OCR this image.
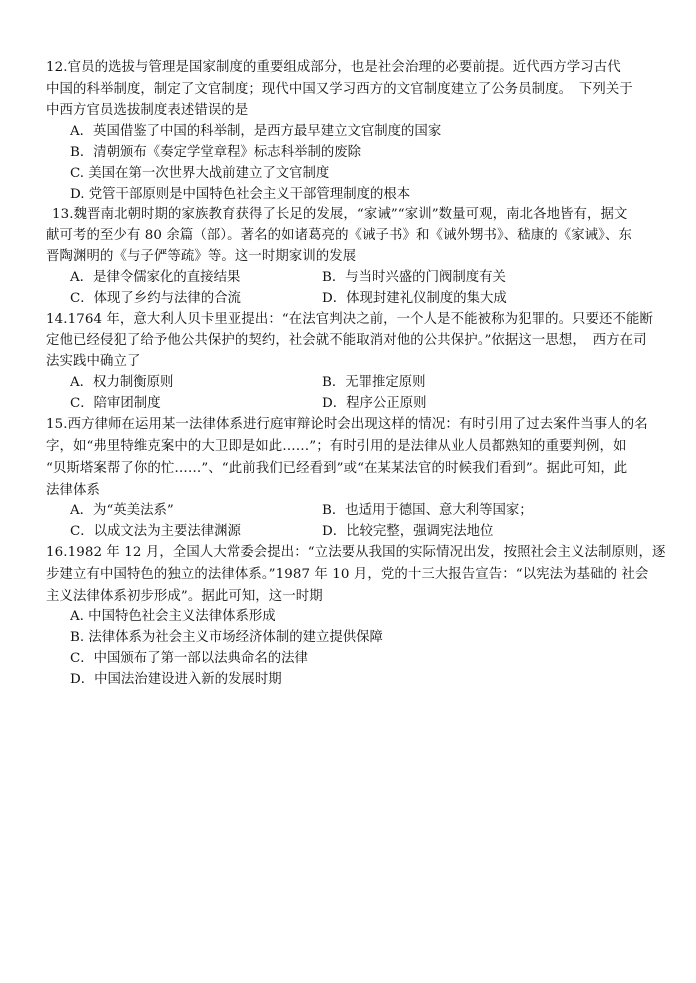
12.官员的选拔与管理是国家制度的重要组成部分，也是社会治理的必要前提。近代西方学习古代
中国的科举制度，制定了文官制度；现代中国又学习西方的文官制度建立了公务员制度。　下列关于
中西方官员选拔制度表述错误的是
A．英国借鉴了中国的科举制，是西方最早建立文官制度的国家
B．清朝颁布《奏定学堂章程》标志科举制的废除
C. 美国在第一次世界大战前建立了文官制度
D. 党管干部原则是中国特色社会主义干部管理制度的根本
13.魏晋南北朝时期的家族教育获得了长足的发展，“家诫”“家训”数量可观，南北各地皆有，据文
献可考的至少有 80 余篇（部）。著名的如诸葛亮的《诫子书》和《诫外甥书》、嵇康的《家诫》、东
晋陶渊明的《与子俨等疏》等。这一时期家训的发展
A．是律令儒家化的直接结果	B．与当时兴盛的门阀制度有关
C．体现了乡约与法律的合流	D．体现封建礼仪制度的集大成
14.1764 年，意大利人贝卡里亚提出：“在法官判决之前，一个人是不能被称为犯罪的。只要还不能断
定他已经侵犯了给予他公共保护的契约，社会就不能取消对他的公共保护。”依据这一思想，　西方在司
法实践中确立了
A．权力制衡原则	B．无罪推定原则
C．陪审团制度	D．程序公正原则
15.西方律师在运用某一法律体系进行庭审辩论时会出现这样的情况：有时引用了过去案件当事人的名
字，如“弗里特维克案中的大卫即是如此……”；有时引用的是法律从业人员都熟知的重要判例，如
“贝斯塔案帮了你的忙……”、“此前我们已经看到”或“在某某法官的时候我们看到”。据此可知，此
法律体系
A．为“英美法系”	B．也适用于德国、意大利等国家；
C．以成文法为主要法律渊源	D．比较完整，强调宪法地位
16.1982 年 12 月，全国人大常委会提出：“立法要从我国的实际情况出发，按照社会主义法制原则，逐
步建立有中国特色的独立的法律体系。”1987 年 10 月，党的十三大报告宣告：“以宪法为基础的 社会
主义法律体系初步形成”。据此可知，这一时期
A. 中国特色社会主义法律体系形成
B. 法律体系为社会主义市场经济体制的建立提供保障
C．中国颁布了第一部以法典命名的法律
D．中国法治建设进入新的发展时期
